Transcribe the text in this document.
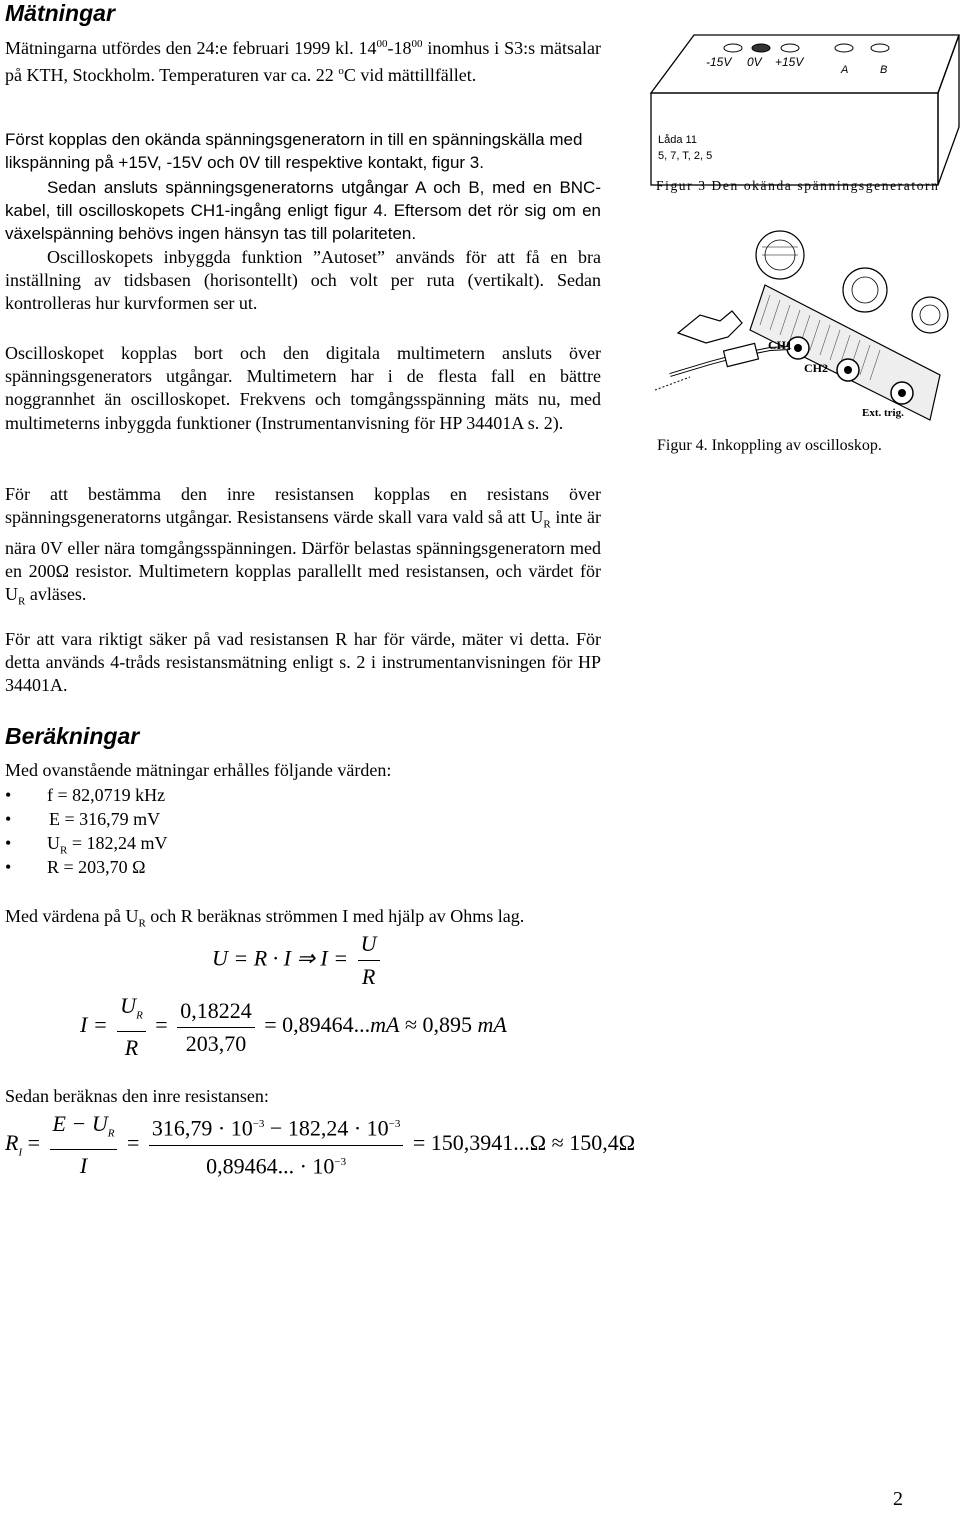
Mätningar
Mätningarna utfördes den 24:e februari 1999 kl. $14^{00}-18^{00}$ inomhus i S3:s mätsalar på KTH, Stockholm. Temperaturen var ca. 22 $^o$C vid mättillfället.
Först kopplas den okända spänningsgeneratorn in till en spänningskälla med likspänning på +15V, -15V och 0V till respektive kontakt, figur 3.
Sedan ansluts spänningsgeneratorns utgångar A och B, med en BNC-kabel, till oscilloskopets CH1-ingång enligt figur 4. Eftersom det rör sig om en växelspänning behövs ingen hänsyn tas till polariteten.
Oscilloskopets inbyggda funktion ”Autoset” används för att få en bra inställning av tidsbasen (horisontellt) och volt per ruta (vertikalt). Sedan kontrolleras hur kurvformen ser ut.
Oscilloskopet kopplas bort och den digitala multimetern ansluts över spänningsgenerators utgångar. Multimetern har i de flesta fall en bättre noggrannhet än oscilloskopet. Frekvens och tomgångsspänning mäts nu, med multimeterns inbyggda funktioner (Instrumentanvisning för HP 34401A s. 2).
För att bestämma den inre resistansen kopplas en resistans över spänningsgeneratorns utgångar. Resistansens värde skall vara vald så att $U_R$ inte är nära 0V eller nära tomgångsspänningen. Därför belastas spänningsgeneratorn med en 200Ω resistor. Multimetern kopplas parallellt med resistansen, och värdet för $U_R$ avläses.
För att vara riktigt säker på vad resistansen R har för värde, mäter vi detta. För detta används 4-tråds resistansmätning enligt s. 2 i instrumentanvisningen för HP 34401A.
-15V 0V +15V
A	B
Låda 11
5, 7, T, 2, 5
Figur 3 Den okända spänningsgeneratorn
CH1
CH2
Ext. trig.
Figur 4. Inkoppling av oscilloskop.
Beräkningar
Med ovanstående mätningar erhålles följande värden:
• f = 82,0719 kHz
• E = 316,79 mV
• $U_R = 182,24$ mV
• R = 203,70 Ω
Med värdena på $U_R$ och R beräknas strömmen I med hjälp av Ohms lag.
U = R · I ⇒ $I = \frac{U}{R}$
$I = \frac{U_R}{R} = \frac{0,18224}{203,70} = 0,89464...mA \approx 0,895$ mA
Sedan beräknas den inre resistansen:
$R_I = \frac{E - U_R}{I} = \frac{316,79 \cdot 10^{-3} - 182,24 \cdot 10^{-3}}{0,89464... \cdot 10^{-3}} = 150,3941...\Omega \approx 150,4\Omega$
2
